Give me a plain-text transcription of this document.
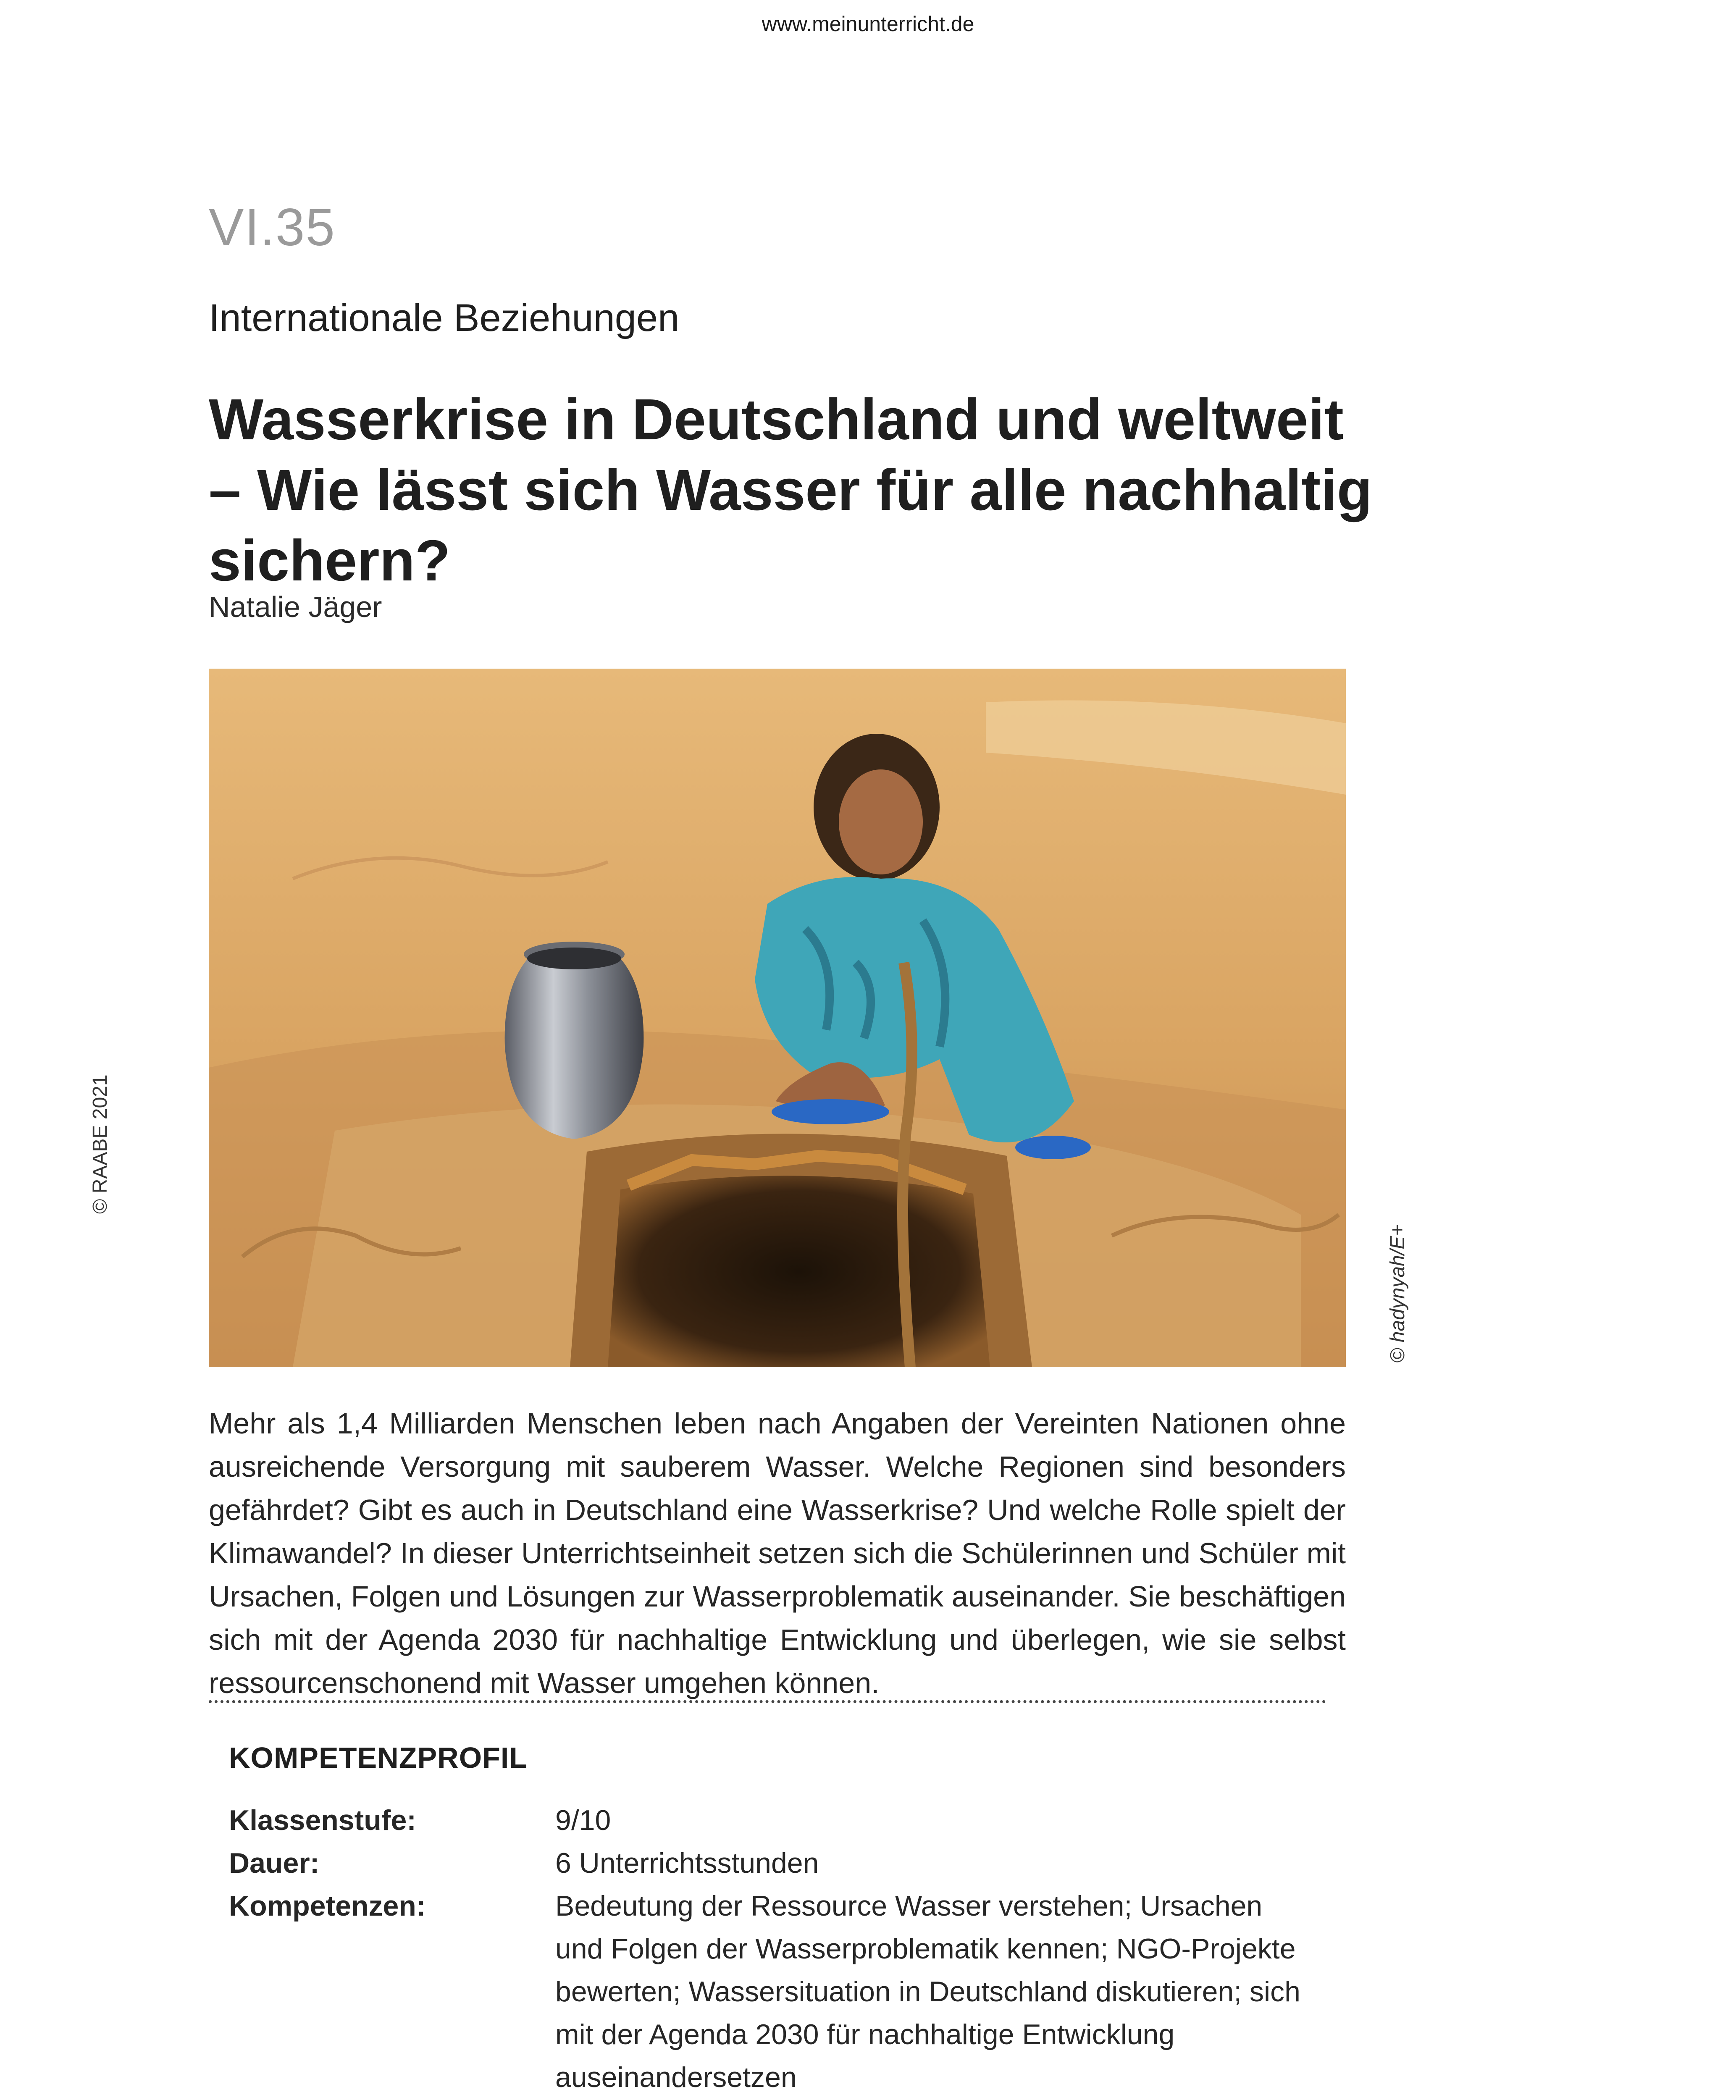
www.meinunterricht.de
VI.35
Internationale Beziehungen
Wasserkrise in Deutschland und weltweit – Wie lässt sich Wasser für alle nachhaltig sichern?
Natalie Jäger
© RAABE 2021
© hadynyah/E+
Mehr als 1,4 Milliarden Menschen leben nach Angaben der Vereinten Nationen ohne ausreichende Versorgung mit sauberem Wasser. Welche Regionen sind besonders gefährdet? Gibt es auch in Deutschland eine Wasserkrise? Und welche Rolle spielt der Klimawandel? In dieser Unterrichtseinheit setzen sich die Schülerinnen und Schüler mit Ursachen, Folgen und Lösungen zur Wasserproblematik auseinander. Sie beschäftigen sich mit der Agenda 2030 für nachhaltige Entwicklung und überlegen, wie sie selbst ressourcenschonend mit Wasser umgehen können.
KOMPETENZPROFIL
Klassenstufe:	9/10
Dauer:	6 Unterrichtsstunden
Kompetenzen:	Bedeutung der Ressource Wasser verstehen; Ursachen und Folgen der Wasserproblematik kennen; NGO-Projekte bewerten; Wassersituation in Deutschland diskutieren; sich mit der Agenda 2030 für nachhaltige Entwicklung auseinandersetzen
